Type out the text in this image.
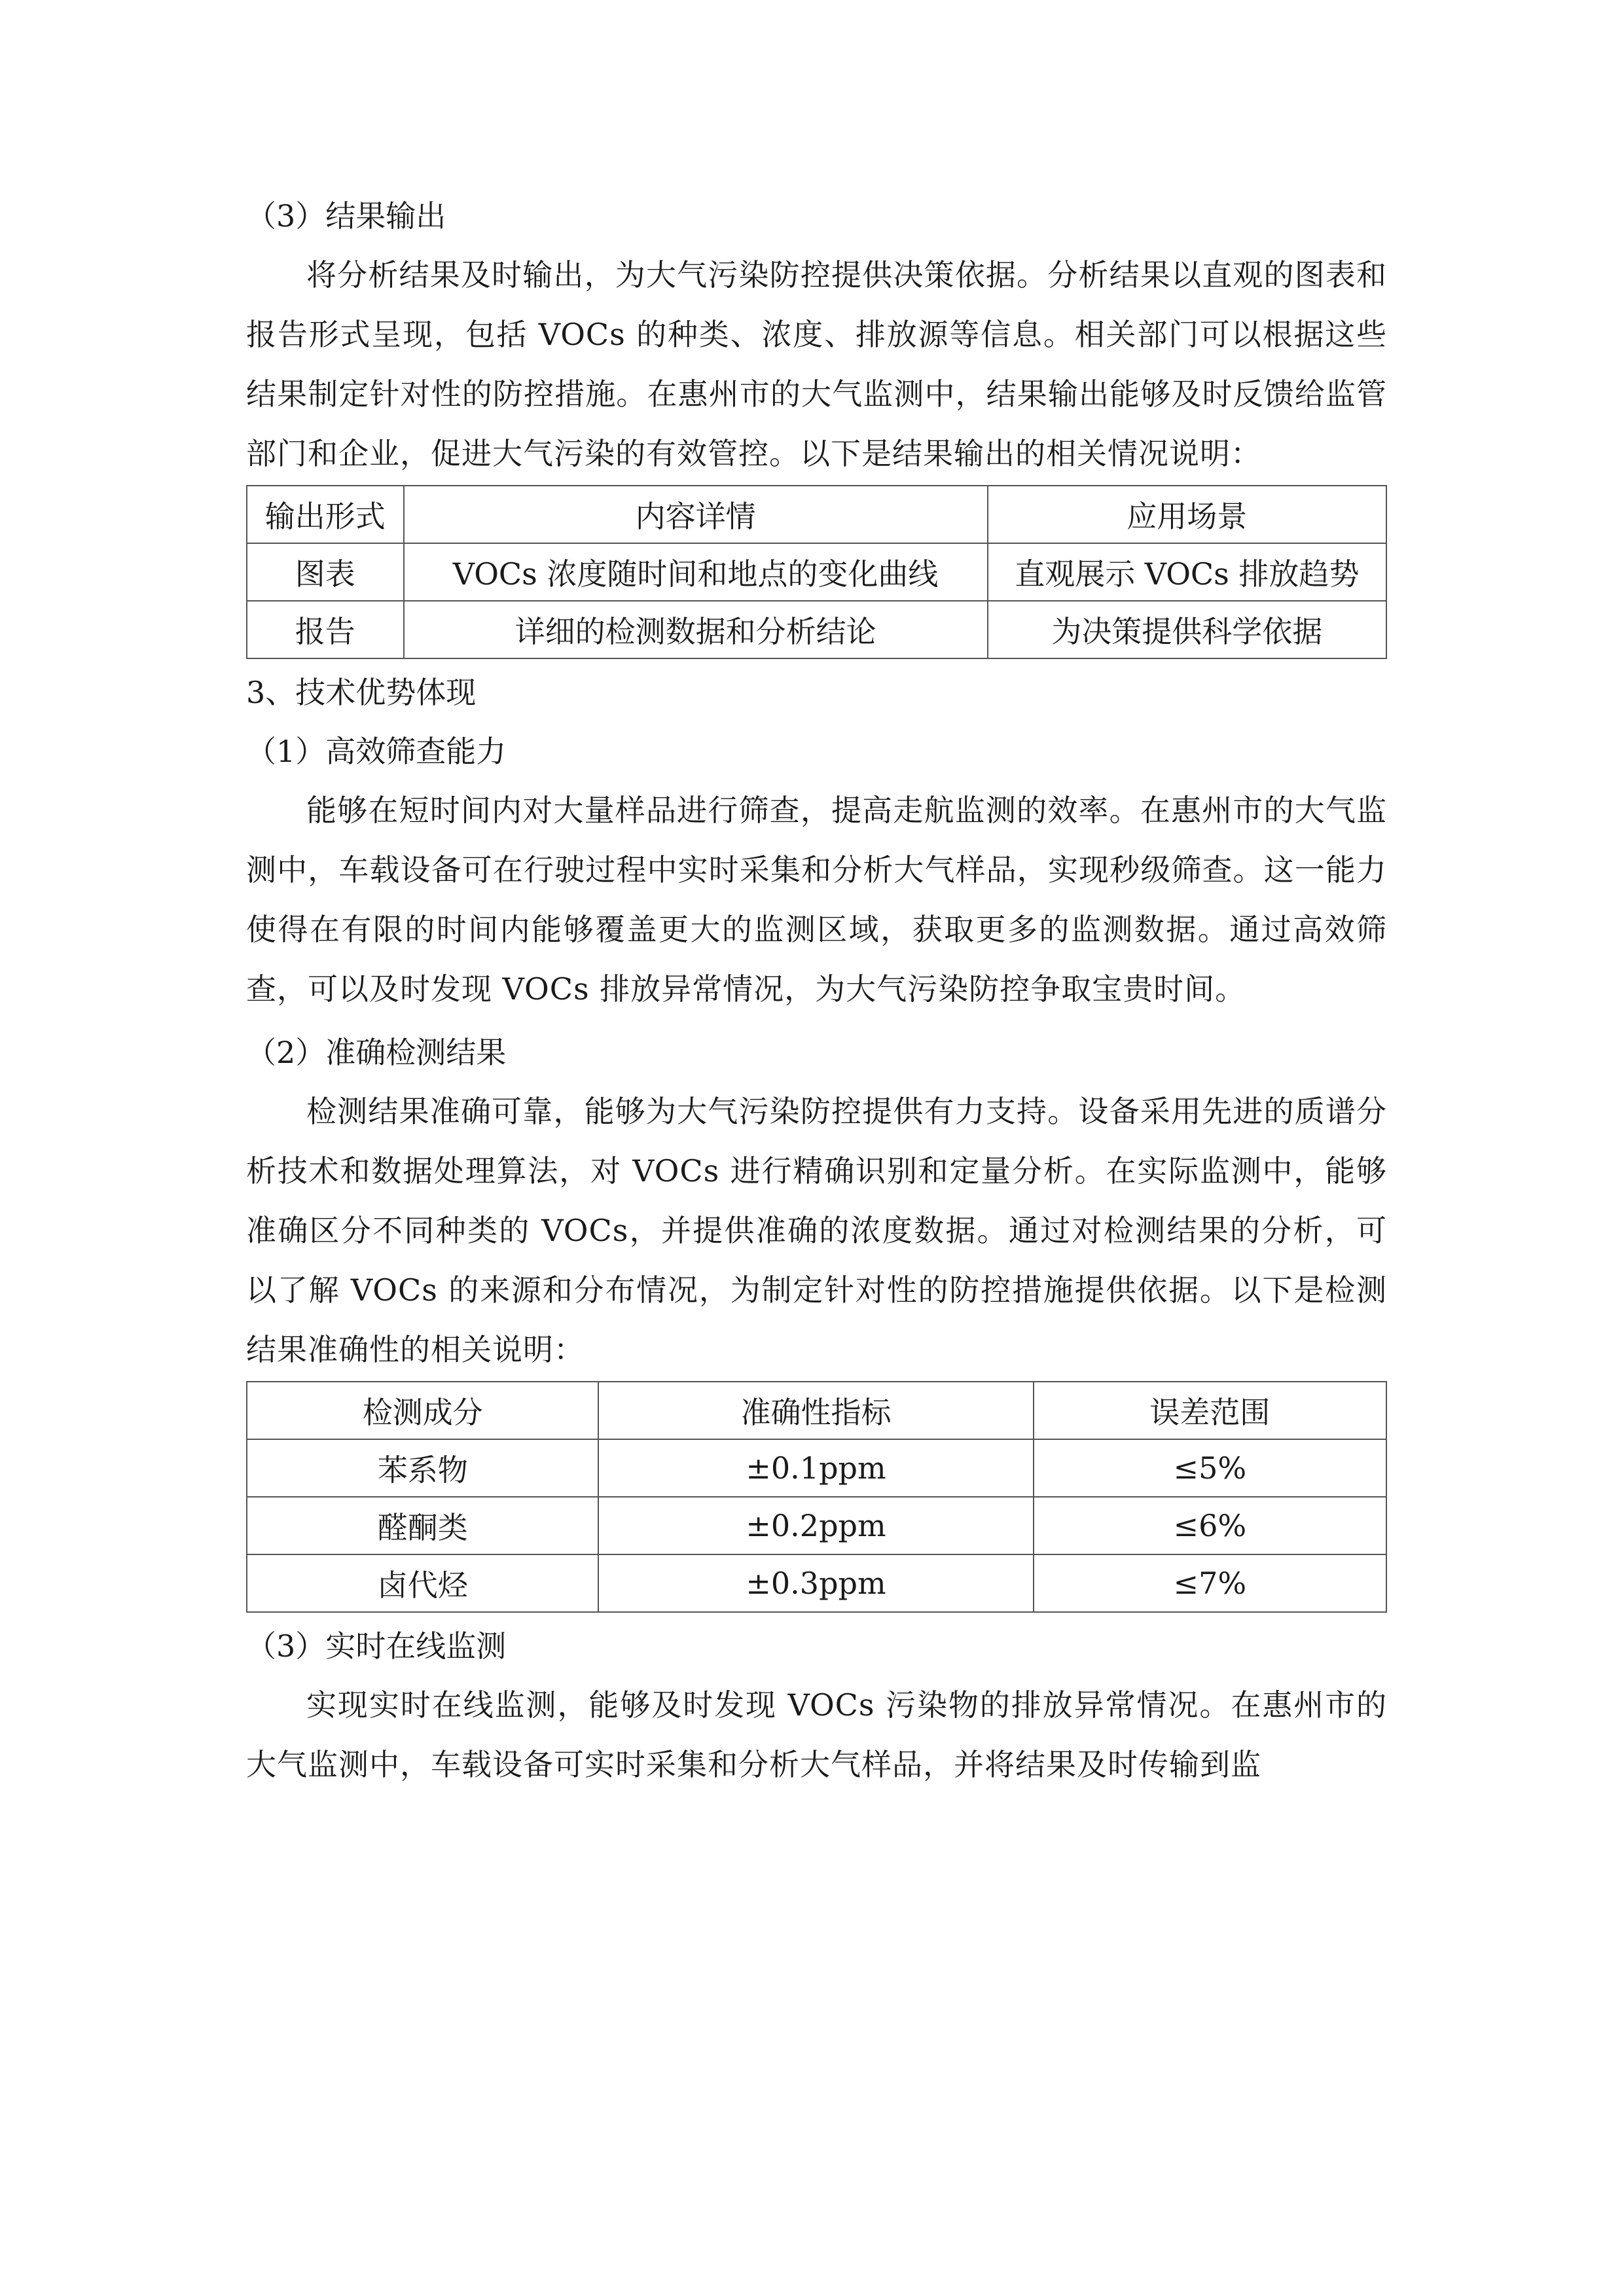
（3）结果输出

将分析结果及时输出，为大气污染防控提供决策依据。分析结果以直观的图表和报告形式呈现，包括 VOCs 的种类、浓度、排放源等信息。相关部门可以根据这些结果制定针对性的防控措施。在惠州市的大气监测中，结果输出能够及时反馈给监管部门和企业，促进大气污染的有效管控。以下是结果输出的相关情况说明：

输出形式	内容详情	应用场景
图表	VOCs 浓度随时间和地点的变化曲线	直观展示 VOCs 排放趋势
报告	详细的检测数据和分析结论	为决策提供科学依据

3、技术优势体现

（1）高效筛查能力

能够在短时间内对大量样品进行筛查，提高走航监测的效率。在惠州市的大气监测中，车载设备可在行驶过程中实时采集和分析大气样品，实现秒级筛查。这一能力使得在有限的时间内能够覆盖更大的监测区域，获取更多的监测数据。通过高效筛查，可以及时发现 VOCs 排放异常情况，为大气污染防控争取宝贵时间。

（2）准确检测结果

检测结果准确可靠，能够为大气污染防控提供有力支持。设备采用先进的质谱分析技术和数据处理算法，对 VOCs 进行精确识别和定量分析。在实际监测中，能够准确区分不同种类的 VOCs，并提供准确的浓度数据。通过对检测结果的分析，可以了解 VOCs 的来源和分布情况，为制定针对性的防控措施提供依据。以下是检测结果准确性的相关说明：

检测成分	准确性指标	误差范围
苯系物	±0.1ppm	≤5%
醛酮类	±0.2ppm	≤6%
卤代烃	±0.3ppm	≤7%

（3）实时在线监测

实现实时在线监测，能够及时发现 VOCs 污染物的排放异常情况。在惠州市的大气监测中，车载设备可实时采集和分析大气样品，并将结果及时传输到监
